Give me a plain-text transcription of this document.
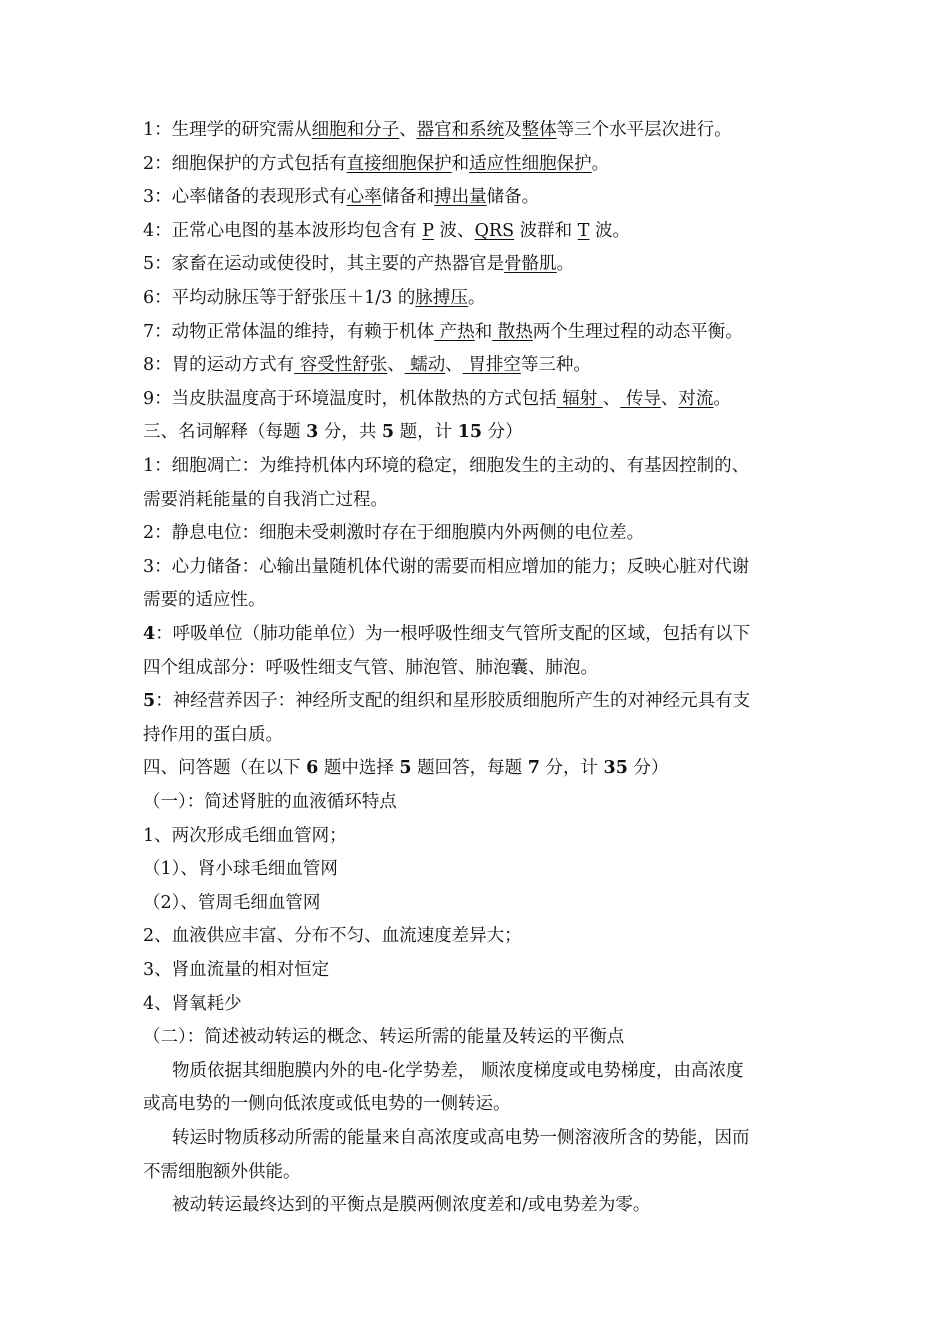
1：生理学的研究需从细胞和分子、器官和系统及整体等三个水平层次进行。
2：细胞保护的方式包括有直接细胞保护和适应性细胞保护。
3：心率储备的表现形式有心率储备和搏出量储备。
4：正常心电图的基本波形均包含有 P 波、QRS 波群和 T 波。
5：家畜在运动或使役时，其主要的产热器官是骨骼肌。
6：平均动脉压等于舒张压＋1/3 的脉搏压。
7：动物正常体温的维持，有赖于机体 产热和 散热两个生理过程的动态平衡。
8：胃的运动方式有 容受性舒张、 蠕动、 胃排空等三种。
9：当皮肤温度高于环境温度时，机体散热的方式包括 辐射 、 传导、对流。
三、名词解释（每题 3 分，共 5 题，计 15 分）
1：细胞凋亡：为维持机体内环境的稳定，细胞发生的主动的、有基因控制的、
需要消耗能量的自我消亡过程。
2：静息电位：细胞未受刺激时存在于细胞膜内外两侧的电位差。
3：心力储备：心输出量随机体代谢的需要而相应增加的能力；反映心脏对代谢
需要的适应性。
4：呼吸单位（肺功能单位）为一根呼吸性细支气管所支配的区域，包括有以下
四个组成部分：呼吸性细支气管、肺泡管、肺泡囊、肺泡。
5：神经营养因子：神经所支配的组织和星形胶质细胞所产生的对神经元具有支
持作用的蛋白质。
四、问答题（在以下 6 题中选择 5 题回答，每题 7 分，计 35 分）
（一）：简述肾脏的血液循环特点
1、两次形成毛细血管网；
（1）、肾小球毛细血管网
（2）、管周毛细血管网
2、血液供应丰富、分布不匀、血流速度差异大；
3、肾血流量的相对恒定
4、肾氧耗少
（二）：简述被动转运的概念、转运所需的能量及转运的平衡点
物质依据其细胞膜内外的电-化学势差， 顺浓度梯度或电势梯度，由高浓度
或高电势的一侧向低浓度或低电势的一侧转运。
转运时物质移动所需的能量来自高浓度或高电势一侧溶液所含的势能，因而
不需细胞额外供能。
被动转运最终达到的平衡点是膜两侧浓度差和/或电势差为零。
